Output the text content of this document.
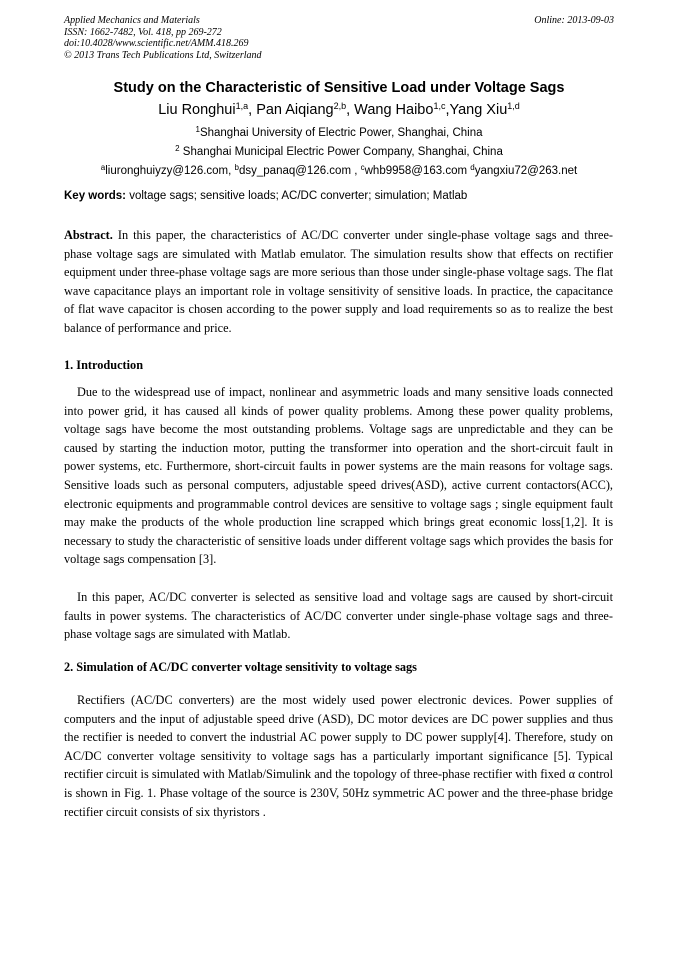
Applied Mechanics and Materials
ISSN: 1662-7482, Vol. 418, pp 269-272
doi:10.4028/www.scientific.net/AMM.418.269
© 2013 Trans Tech Publications Ltd, Switzerland
Online: 2013-09-03
Study on the Characteristic of Sensitive Load under Voltage Sags
Liu Ronghui$^{1,a}$, Pan Aiqiang$^{2,b}$, Wang Haibo$^{1,c}$,Yang Xiu$^{1,d}$
$^1$Shanghai University of Electric Power, Shanghai, China
$^2$ Shanghai Municipal Electric Power Company, Shanghai, China
$^a$liuronghuiyzy@126.com, $^b$dsy_panaq@126.com , $^c$whb9958@163.com $^d$yangxiu72@263.net
Key words: voltage sags; sensitive loads; AC/DC converter; simulation; Matlab
Abstract. In this paper, the characteristics of AC/DC converter under single-phase voltage sags and three-phase voltage sags are simulated with Matlab emulator. The simulation results show that effects on rectifier equipment under three-phase voltage sags are more serious than those under single-phase voltage sags. The flat wave capacitance plays an important role in voltage sensitivity of sensitive loads. In practice, the capacitance of flat wave capacitor is chosen according to the power supply and load requirements so as to realize the best balance of performance and price.
1. Introduction
Due to the widespread use of impact, nonlinear and asymmetric loads and many sensitive loads connected into power grid, it has caused all kinds of power quality problems. Among these power quality problems, voltage sags have become the most outstanding problems. Voltage sags are unpredictable and they can be caused by starting the induction motor, putting the transformer into operation and the short-circuit fault in power systems, etc. Furthermore, short-circuit faults in power systems are the main reasons for voltage sags. Sensitive loads such as personal computers, adjustable speed drives(ASD), active current contactors(ACC), electronic equipments and programmable control devices are sensitive to voltage sags ; single equipment fault may make the products of the whole production line scrapped which brings great economic loss[1,2]. It is necessary to study the characteristic of sensitive loads under different voltage sags which provides the basis for voltage sags compensation [3].
In this paper, AC/DC converter is selected as sensitive load and voltage sags are caused by short-circuit faults in power systems. The characteristics of AC/DC converter under single-phase voltage sags and three-phase voltage sags are simulated with Matlab.
2. Simulation of AC/DC converter voltage sensitivity to voltage sags
Rectifiers (AC/DC converters) are the most widely used power electronic devices. Power supplies of computers and the input of adjustable speed drive (ASD), DC motor devices are DC power supplies and thus the rectifier is needed to convert the industrial AC power supply to DC power supply[4]. Therefore, study on AC/DC converter voltage sensitivity to voltage sags has a particularly important significance [5]. Typical rectifier circuit is simulated with Matlab/Simulink and the topology of three-phase rectifier with fixed α control is shown in Fig. 1. Phase voltage of the source is 230V, 50Hz symmetric AC power and the three-phase bridge rectifier circuit consists of six thyristors .
